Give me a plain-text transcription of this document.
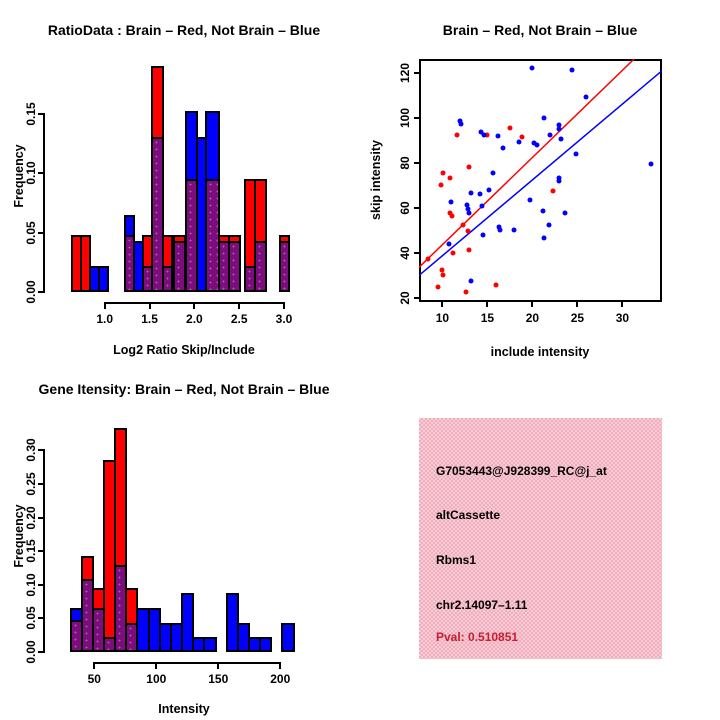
RatioData : Brain – Red, Not Brain – Blue
Log2 Ratio Skip/Include
Frequency
Brain – Red, Not Brain – Blue
include intensity
skip intensity
Gene Itensity: Brain – Red, Not Brain – Blue
Intensity
Frequency
G7053443@J928399_RC@j_at
altCassette
Rbms1
chr2.14097–1.11
Pval: 0.510851
1.0 1.5 2.0 2.5 3.0
0.00
0.05
0.10
0.15
10	15	20	25	30
20
40
60
80
100
120
50	100	150	200
0.00
0.05
0.10
0.15
0.20
0.25
0.30
